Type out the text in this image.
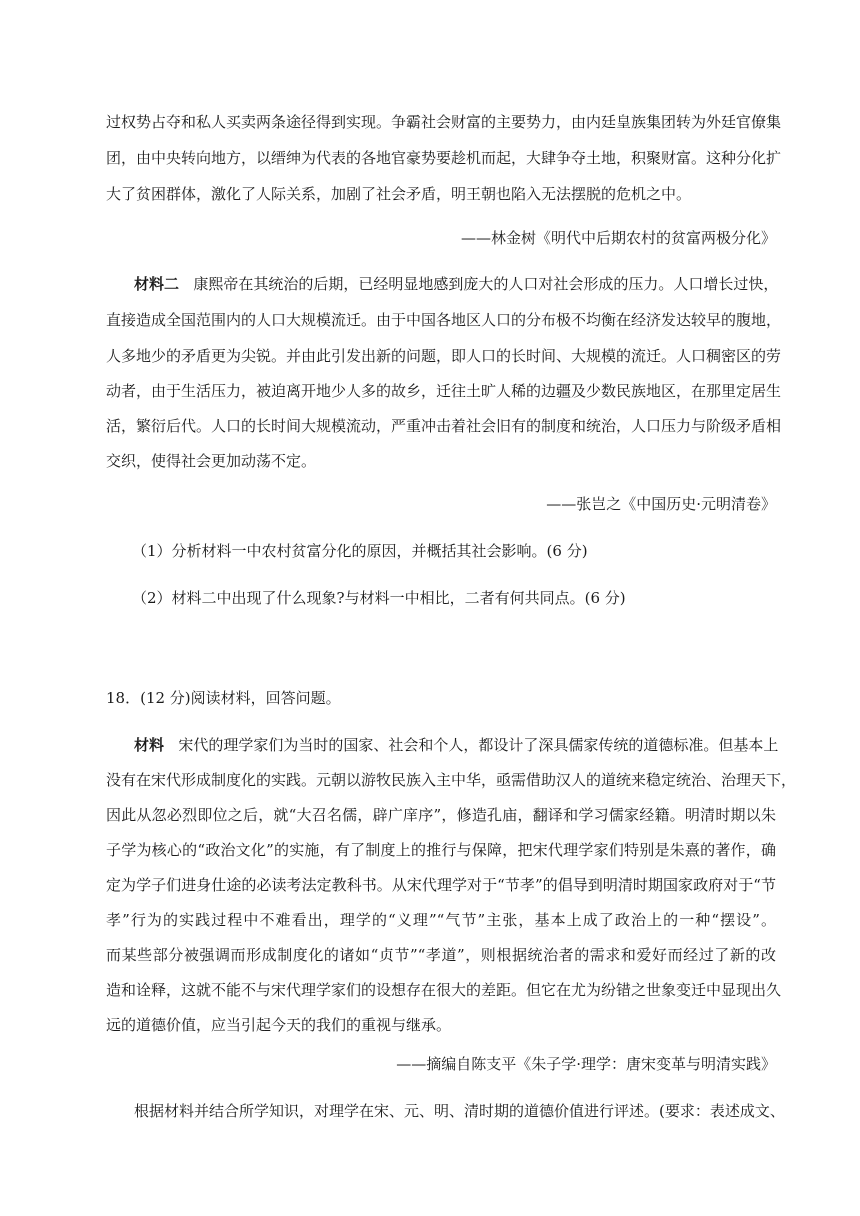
过权势占夺和私人买卖两条途径得到实现。争霸社会财富的主要势力，由内廷皇族集团转为外廷官僚集
团，由中央转向地方，以缙绅为代表的各地官豪势要趁机而起，大肆争夺土地，积聚财富。这种分化扩
大了贫困群体，激化了人际关系，加剧了社会矛盾，明王朝也陷入无法摆脱的危机之中。
——林金树《明代中后期农村的贫富两极分化》
材料二 康熙帝在其统治的后期，已经明显地感到庞大的人口对社会形成的压力。人口增长过快，
直接造成全国范围内的人口大规模流迁。由于中国各地区人口的分布极不均衡在经济发达较早的腹地，
人多地少的矛盾更为尖锐。并由此引发出新的问题，即人口的长时间、大规模的流迁。人口稠密区的劳
动者，由于生活压力，被迫离开地少人多的故乡，迁往土旷人稀的边疆及少数民族地区，在那里定居生
活，繁衍后代。人口的长时间大规模流动，严重冲击着社会旧有的制度和统治，人口压力与阶级矛盾相
交织，使得社会更加动荡不定。
——张岂之《中国历史·元明清卷》
（1）分析材料一中农村贫富分化的原因，并概括其社会影响。(6 分)
（2）材料二中出现了什么现象?与材料一中相比，二者有何共同点。(6 分)
18．(12 分)阅读材料，回答问题。
材料 宋代的理学家们为当时的国家、社会和个人，都设计了深具儒家传统的道德标准。但基本上
没有在宋代形成制度化的实践。元朝以游牧民族入主中华，亟需借助汉人的道统来稳定统治、治理天下，
因此从忽必烈即位之后，就“大召名儒，辟广庠序”，修造孔庙，翻译和学习儒家经籍。明清时期以朱
子学为核心的“政治文化”的实施，有了制度上的推行与保障，把宋代理学家们特别是朱熹的著作，确
定为学子们进身仕途的必读考法定教科书。从宋代理学对于“节孝”的倡导到明清时期国家政府对于“节
孝”行为的实践过程中不难看出，理学的“义理”“气节”主张，基本上成了政治上的一种“摆设”。
而某些部分被强调而形成制度化的诸如“贞节”“孝道”，则根据统治者的需求和爱好而经过了新的改
造和诠释，这就不能不与宋代理学家们的设想存在很大的差距。但它在尤为纷错之世象变迁中显现出久
远的道德价值，应当引起今天的我们的重视与继承。
——摘编自陈支平《朱子学·理学：唐宋变革与明清实践》
根据材料并结合所学知识，对理学在宋、元、明、清时期的道德价值进行评述。(要求：表述成文、
